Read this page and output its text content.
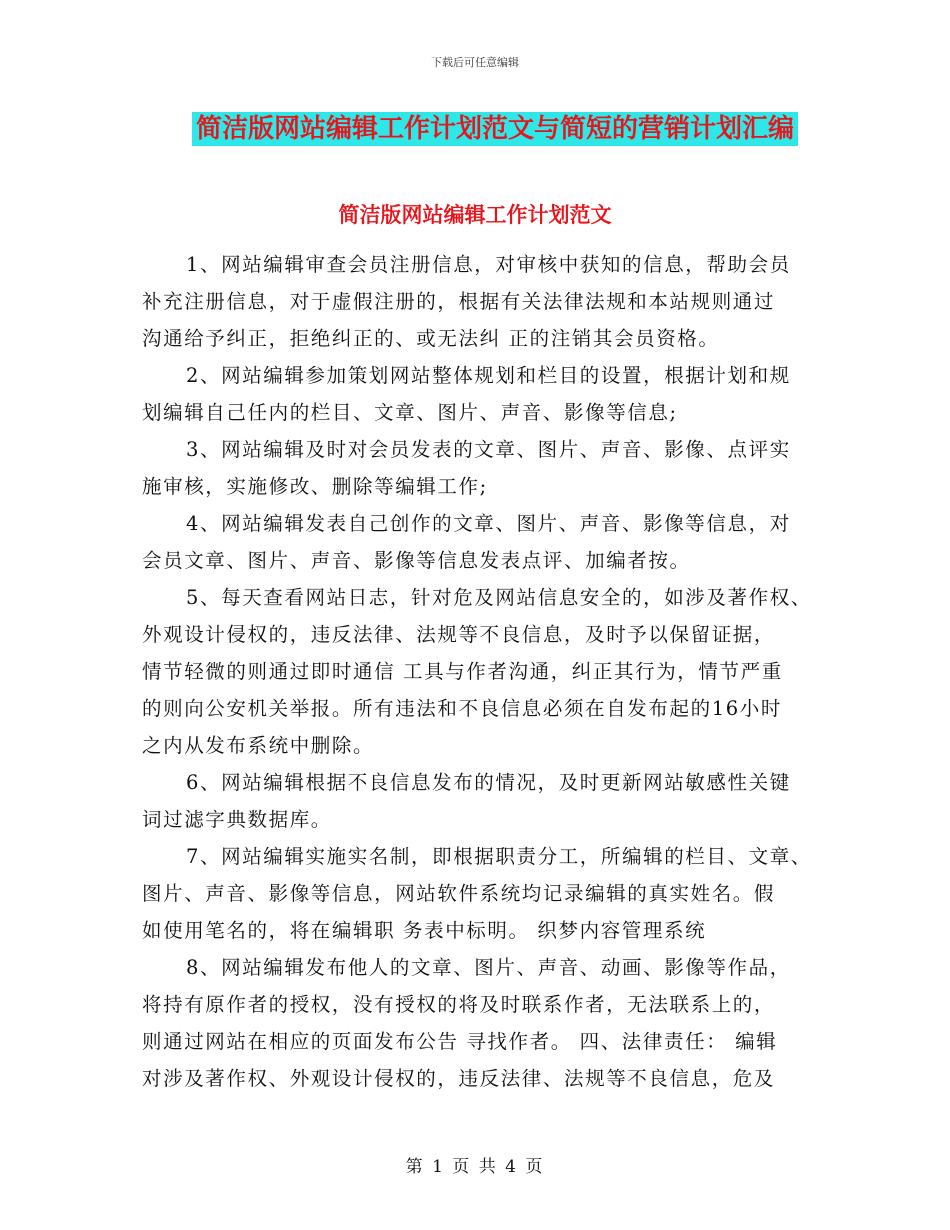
下载后可任意编辑
简洁版网站编辑工作计划范文与简短的营销计划汇编
简洁版网站编辑工作计划范文

1、网站编辑审查会员注册信息，对审核中获知的信息，帮助会员
补充注册信息，对于虚假注册的，根据有关法律法规和本站规则通过
沟通给予纠正，拒绝纠正的、或无法纠 正的注销其会员资格。

2、网站编辑参加策划网站整体规划和栏目的设置，根据计划和规
划编辑自己任内的栏目、文章、图片、声音、影像等信息;

3、网站编辑及时对会员发表的文章、图片、声音、影像、点评实
施审核，实施修改、删除等编辑工作;

4、网站编辑发表自己创作的文章、图片、声音、影像等信息，对
会员文章、图片、声音、影像等信息发表点评、加编者按。

5、每天查看网站日志，针对危及网站信息安全的，如涉及著作权、
外观设计侵权的，违反法律、法规等不良信息，及时予以保留证据，
情节轻微的则通过即时通信 工具与作者沟通，纠正其行为，情节严重
的则向公安机关举报。所有违法和不良信息必须在自发布起的16小时
之内从发布系统中删除。

6、网站编辑根据不良信息发布的情况，及时更新网站敏感性关键
词过滤字典数据库。

7、网站编辑实施实名制，即根据职责分工，所编辑的栏目、文章、
图片、声音、影像等信息，网站软件系统均记录编辑的真实姓名。假
如使用笔名的，将在编辑职 务表中标明。 织梦内容管理系统

8、网站编辑发布他人的文章、图片、声音、动画、影像等作品，
将持有原作者的授权，没有授权的将及时联系作者，无法联系上的，
则通过网站在相应的页面发布公告 寻找作者。 四、法律责任： 编辑
对涉及著作权、外观设计侵权的，违反法律、法规等不良信息，危及

第 1 页 共 4 页
